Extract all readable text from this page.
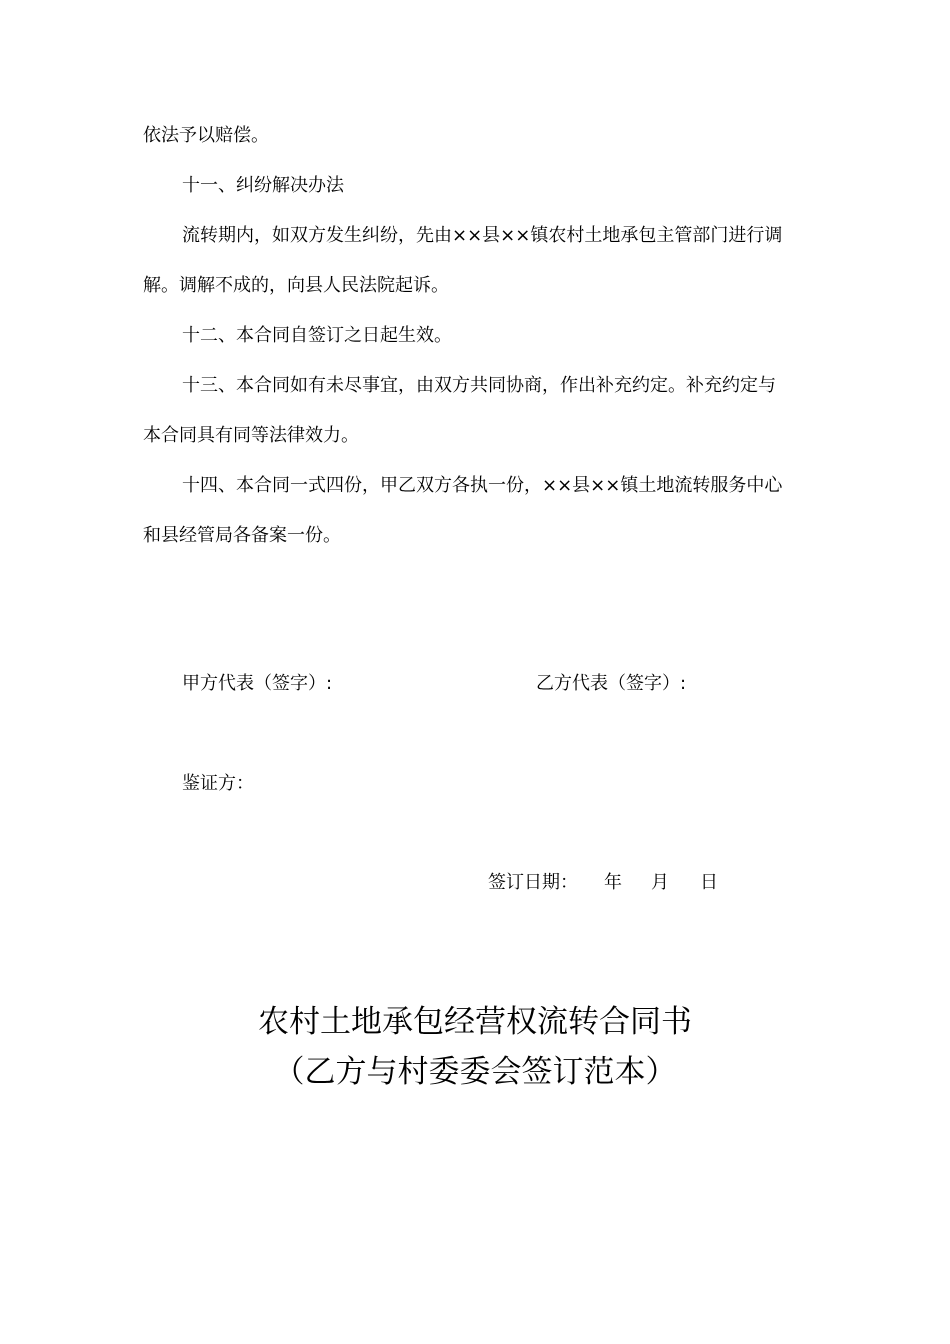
依法予以赔偿。
十一、纠纷解决办法
流转期内，如双方发生纠纷，先由××县××镇农村土地承包主管部门进行调
解。调解不成的，向县人民法院起诉。
十二、本合同自签订之日起生效。
十三、本合同如有未尽事宜，由双方共同协商，作出补充约定。补充约定与
本合同具有同等法律效力。
十四、本合同一式四份，甲乙双方各执一份，××县××镇土地流转服务中心
和县经管局各备案一份。
甲方代表（签字）:	乙方代表（签字）:
鉴证方：
签订日期： 年 月 日
农村土地承包经营权流转合同书
（乙方与村委委会签订范本）
